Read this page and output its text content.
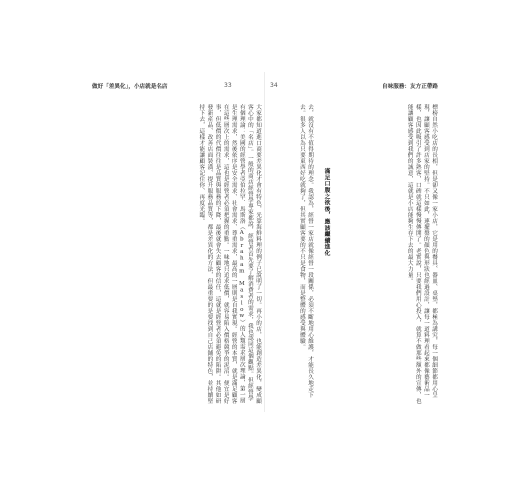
做好「差異化」，小店就是名店	33
大家都知道進口商要差異化才會有特色，光靠海鮮料理的例子已說明了一切。再小的店，也能創造差異化，變成顧客心中的「名店」。一般的商店經營學專家都說，經營者首先要了解消費者的需求，我也認同這個觀點。但經營學有個理論：美國的經營學者亞伯拉罕．馬斯洛（Abraham Maslow）的人類需求層次理論，第一層是生理需求，然後依序是安全需求、社會需求、尊重需求，最高的一層則是自我實現。經營的本質，就是滿足顧客在這些層次上的需求，這也是經營者必須把握的重點。一味地只追求低價，就容易陷入價格競爭的泥沼。便宜是好事，但低價的代價往往是品質與服務的下降，最後就會失去顧客的信任，這就是經營者必須避免的陷阱。其他如研發新產品、改善店面裝潢、提升服務品質等，都是差異化的方法，但最重要的是要找到自己店鋪的特色，並持續堅持下去，這樣才能讓顧客記住你、再度光臨。
34	自味服務：友方正帶路
標榜自然小吃店的長相，但是卻又像一家小店，它是用的餐具、器皿、桌墊，都極為講究，每一個細節都用心呈現，讓顧客感受到店家的堅持。不只如此，連擺盤的顏色與形狀也經過設計，讓每一道料理看起來都像藝術品一樣，也因此吸引了許多熟客，口碑就這樣慢慢傳開了。老實說，只要我們用心投入，就算不做那些額外的宣傳，也能讓顧客感受到我們的誠意，這就是小店能夠生存下去的最大力量。
滿足口腹之欲後，應該繼續進化
去，就沒有不值得期待的理念。我認為，經營一家店就像經營一段關係，必須不斷地用心維護，才能長久地走下去。很多人以為只要東西好吃就夠了，但其實顧客要的不只是食物，而是整體的感受與體驗。
